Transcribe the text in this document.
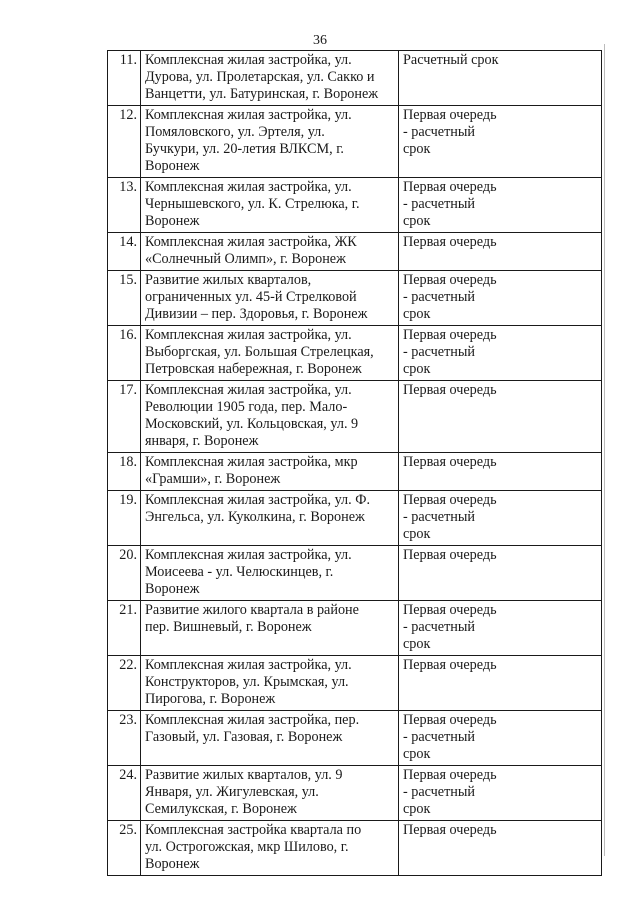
36
11.	Комплексная жилая застройка, ул.
Дурова, ул. Пролетарская, ул. Сакко и
Ванцетти, ул. Батуринская, г. Воронеж	Расчетный срок
12.	Комплексная жилая застройка, ул.
Помяловского, ул. Эртеля, ул.
Бучкури, ул. 20-летия ВЛКСМ, г.
Воронеж	Первая очередь
- расчетный
срок
13.	Комплексная жилая застройка, ул.
Чернышевского, ул. К. Стрелюка, г.
Воронеж	Первая очередь
- расчетный
срок
14.	Комплексная жилая застройка, ЖК
«Солнечный Олимп», г. Воронеж	Первая очередь
15.	Развитие жилых кварталов,
ограниченных ул. 45-й Стрелковой
Дивизии – пер. Здоровья, г. Воронеж	Первая очередь
- расчетный
срок
16.	Комплексная жилая застройка, ул.
Выборгская, ул. Большая Стрелецкая,
Петровская набережная, г. Воронеж	Первая очередь
- расчетный
срок
17.	Комплексная жилая застройка, ул.
Революции 1905 года, пер. Мало-
Московский, ул. Кольцовская, ул. 9
января, г. Воронеж	Первая очередь
18.	Комплексная жилая застройка, мкр
«Грамши», г. Воронеж	Первая очередь
19.	Комплексная жилая застройка, ул. Ф.
Энгельса, ул. Куколкина, г. Воронеж	Первая очередь
- расчетный
срок
20.	Комплексная жилая застройка, ул.
Моисеева - ул. Челюскинцев, г.
Воронеж	Первая очередь
21.	Развитие жилого квартала в районе
пер. Вишневый, г. Воронеж	Первая очередь
- расчетный
срок
22.	Комплексная жилая застройка, ул.
Конструкторов, ул. Крымская, ул.
Пирогова, г. Воронеж	Первая очередь
23.	Комплексная жилая застройка, пер.
Газовый, ул. Газовая, г. Воронеж	Первая очередь
- расчетный
срок
24.	Развитие жилых кварталов, ул. 9
Января, ул. Жигулевская, ул.
Семилукская, г. Воронеж	Первая очередь
- расчетный
срок
25.	Комплексная застройка квартала по
ул. Острогожская, мкр Шилово, г.
Воронеж	Первая очередь
